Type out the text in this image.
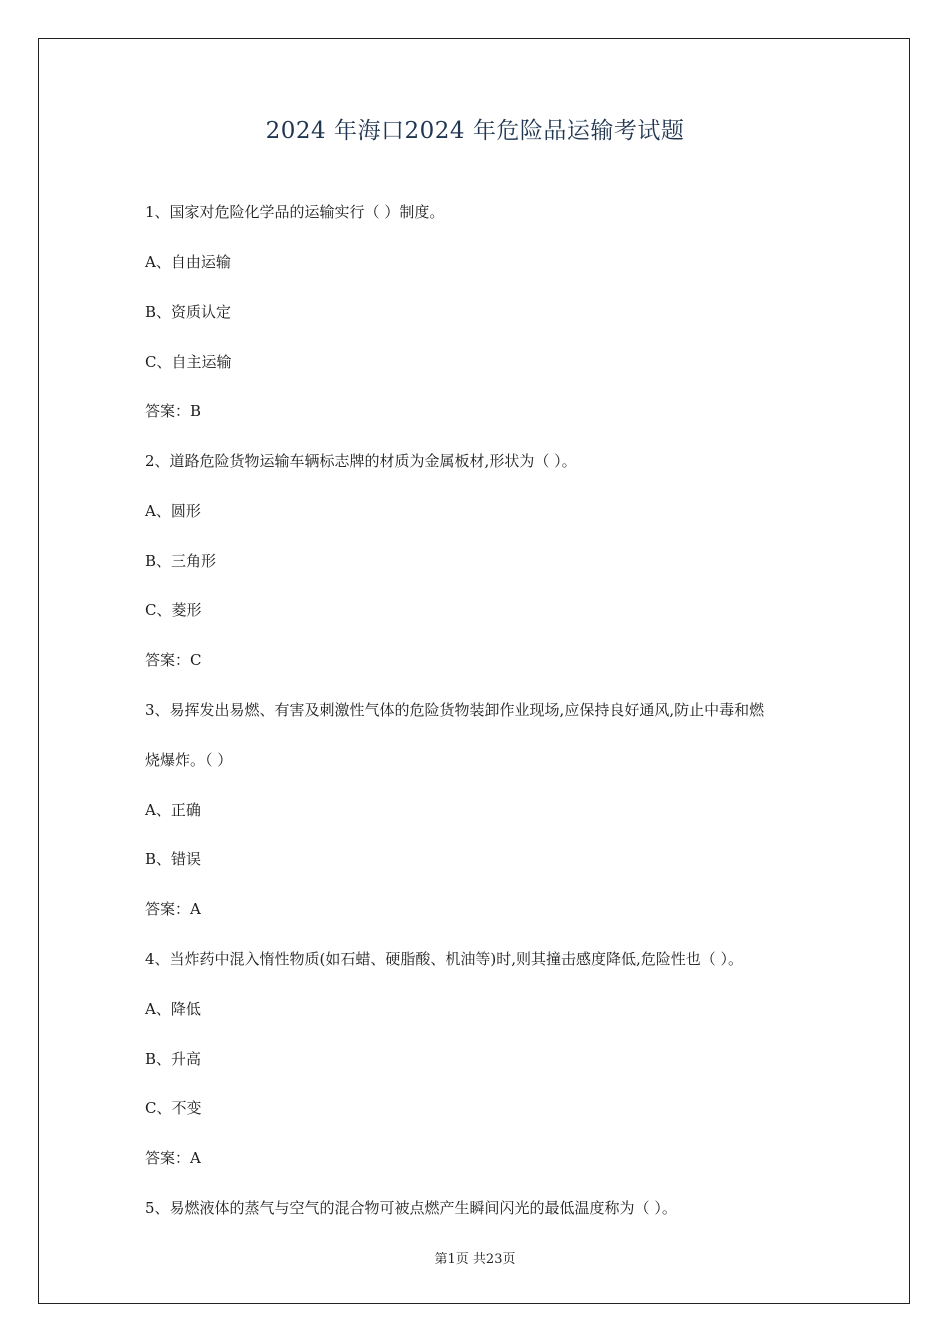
2024 年海口2024 年危险品运输考试题
1、国家对危险化学品的运输实行（ ）制度。
A、自由运输
B、资质认定
C、自主运输
答案：B
2、道路危险货物运输车辆标志牌的材质为金属板材,形状为（ ）。
A、圆形
B、三角形
C、菱形
答案：C
3、易挥发出易燃、有害及刺激性气体的危险货物装卸作业现场,应保持良好通风,防止中毒和燃
烧爆炸。（ ）
A、正确
B、错误
答案：A
4、当炸药中混入惰性物质(如石蜡、硬脂酸、机油等)时,则其撞击感度降低,危险性也（ ）。
A、降低
B、升高
C、不变
答案：A
5、易燃液体的蒸气与空气的混合物可被点燃产生瞬间闪光的最低温度称为（ ）。
第1页 共23页
